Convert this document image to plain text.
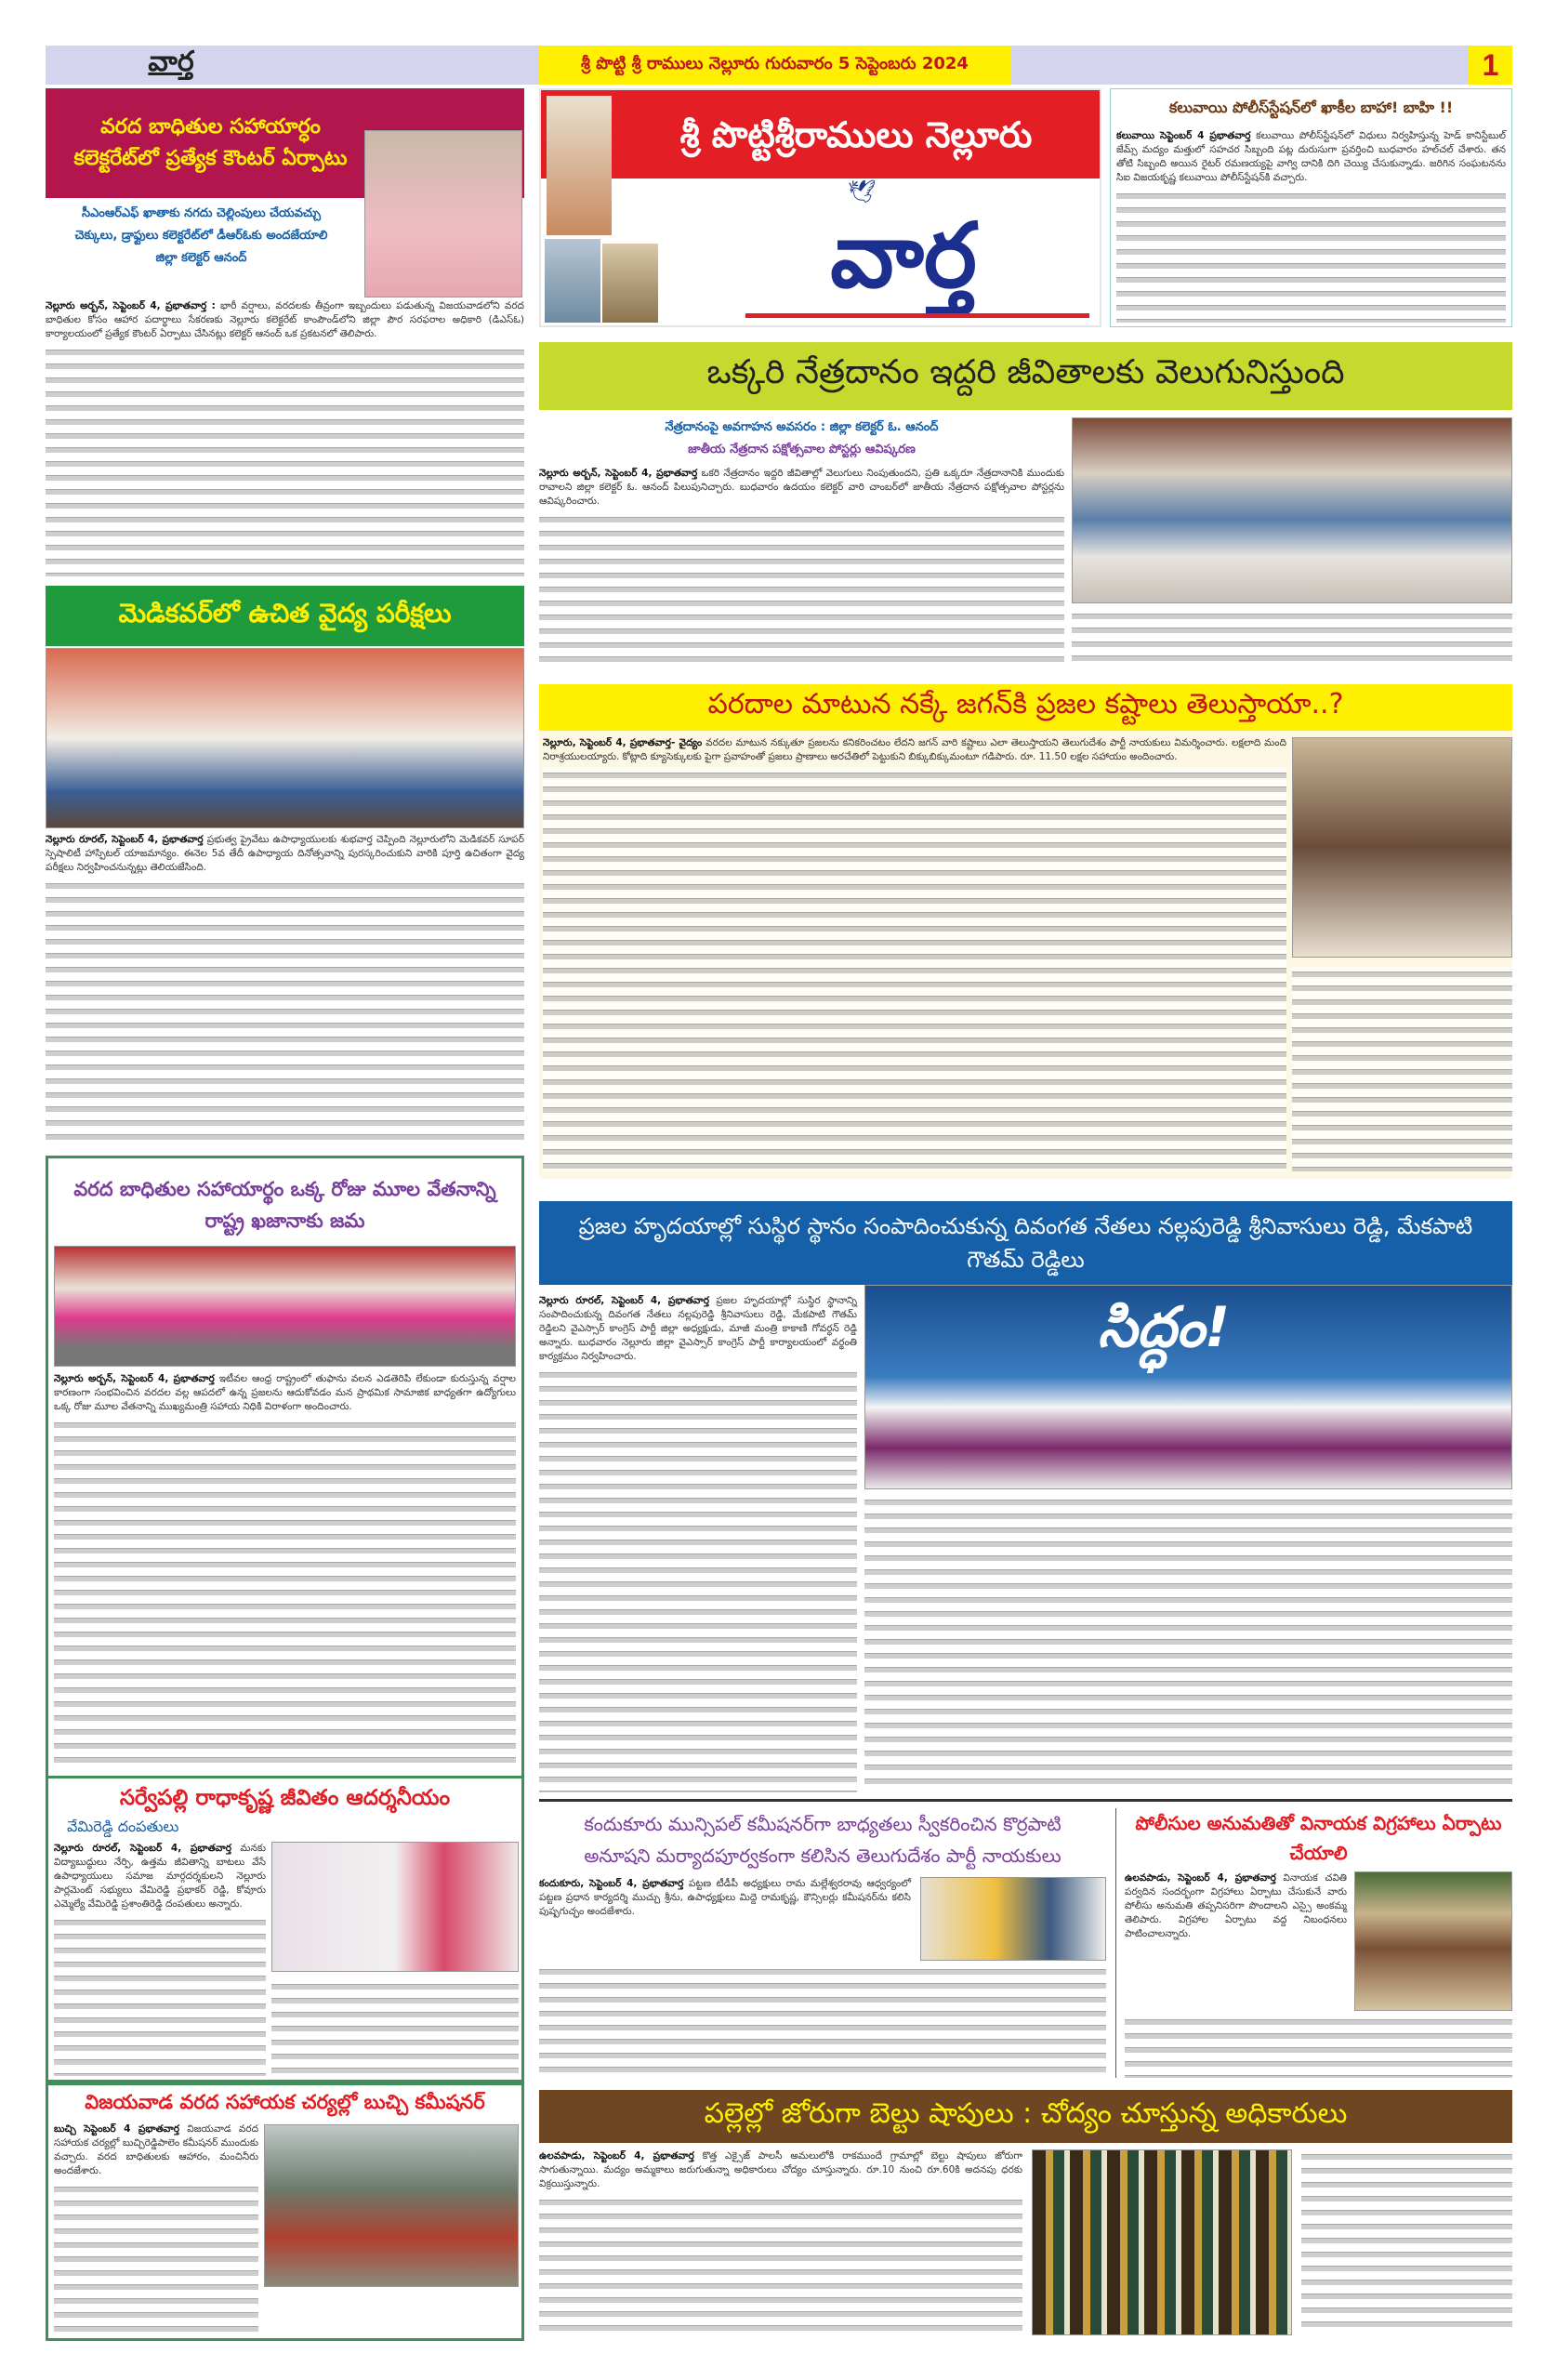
వార్త	శ్రీ పొట్టి శ్రీ రాములు నెల్లూరు గురువారం 5 సెప్టెంబరు 2024	1
వరద బాధితుల సహాయార్ధం కలెక్టరేట్‌లో ప్రత్యేక కౌంటర్ ఏర్పాటు
సీఎంఆర్ఎఫ్ ఖాతాకు నగదు చెల్లింపులు చేయవచ్చు
చెక్కులు, డ్రాఫ్టులు కలెక్టరేట్‌లో డీఆర్‌ఓకు అందజేయాలి
జిల్లా కలెక్టర్ ఆనంద్
నెల్లూరు అర్బన్, సెప్టెంబర్ 4, ప్రభాతవార్త : భారీ వర్షాలు, వరదలకు తీవ్రంగా ఇబ్బందులు పడుతున్న విజయవాడలోని వరద బాధితుల కోసం ఆహార పదార్థాలు సేకరణకు నెల్లూరు కలెక్టరేట్ కాంపౌండ్‌లోని జిల్లా పౌర సరఫరాల అధికారి (డిఎస్‌ఓ) కార్యాలయంలో ప్రత్యేక కౌంటర్ ఏర్పాటు చేసినట్లు కలెక్టర్ ఆనంద్ ఒక ప్రకటనలో తెలిపారు.
శ్రీ పొట్టిశ్రీరాములు నెల్లూరు
🕊
వార్త
కలువాయి పోలీస్‌స్టేషన్‌లో ఖాకీల బాహా! బాహి !!
కలువాయి సెప్టెంబర్ 4 ప్రభాతవార్త కలువాయి పోలీస్‌స్టేషన్‌లో విధులు నిర్వహిస్తున్న హెడ్ కానిస్టేబుల్ జేమ్స్ మద్యం మత్తులో సహచర సిబ్బంది పట్ల దురుసుగా ప్రవర్తించి బుధవారం హల్‌చల్ చేశారు. తన తోటి సిబ్బంది అయిన రైటర్ రమణయ్యపై వాగ్వి దానికి దిగి చెయ్యి చేసుకున్నాడు. జరిగిన సంఘటనను సిఐ విజయకృష్ణ కలువాయి పోలీస్‌స్టేషన్‌కి వచ్చారు.
ఒక్కరి నేత్రదానం ఇద్దరి జీవితాలకు వెలుగునిస్తుంది
నేత్రదానంపై అవగాహన అవసరం : జిల్లా కలెక్టర్ ఓ. ఆనంద్
జాతీయ నేత్రదాన పక్షోత్సవాల పోస్టర్లు ఆవిష్కరణ
నెల్లూరు అర్బన్, సెప్టెంబర్ 4, ప్రభాతవార్త ఒకరి నేత్రదానం ఇద్దరి జీవితాల్లో వెలుగులు నింపుతుందని, ప్రతి ఒక్కరూ నేత్రదానానికి ముందుకు రావాలని జిల్లా కలెక్టర్ ఓ. ఆనంద్ పిలుపునిచ్చారు. బుధవారం ఉదయం కలెక్టర్ వారి చాంబర్‌లో జాతీయ నేత్రదాన పక్షోత్సవాల పోస్టర్లను ఆవిష్కరించారు.
మెడికవర్‌లో ఉచిత వైద్య పరీక్షలు
నెల్లూరు రూరల్, సెప్టెంబర్ 4, ప్రభాతవార్త ప్రభుత్వ ప్రైవేటు ఉపాధ్యాయులకు శుభవార్త చెప్పింది నెల్లూరులోని మెడికవర్ సూపర్ స్పెషాలిటీ హాస్పిటల్ యాజమాన్యం. ఈనెల 5వ తేదీ ఉపాధ్యాయ దినోత్సవాన్ని పురస్కరించుకుని వారికి పూర్తి ఉచితంగా వైద్య పరీక్షలు నిర్వహించనున్నట్లు తెలియజేసింది.
పరదాల మాటున నక్కే జగన్‌కి ప్రజల కష్టాలు తెలుస్తాయా..?
నెల్లూరు, సెప్టెంబర్ 4, ప్రభాతవార్త- వైద్యం వరదల మాటున నక్కుతూ ప్రజలను కనికరించటం లేదని జగన్ వారి కష్టాలు ఎలా తెలుస్తాయని తెలుగుదేశం పార్టీ నాయకులు విమర్శించారు. లక్షలాది మంది నిరాశ్రయులయ్యారు. కోట్లాది క్యూసెక్కులకు పైగా ప్రవాహంతో ప్రజలు ప్రాణాలు అరచేతిలో పెట్టుకుని బిక్కుబిక్కుమంటూ గడిపారు. రూ. 11.50 లక్షల సహాయం అందించారు.
వరద బాధితుల సహాయార్థం ఒక్క రోజు మూల వేతనాన్ని రాష్ట్ర ఖజానాకు జమ
నెల్లూరు అర్బన్, సెప్టెంబర్ 4, ప్రభాతవార్త ఇటీవల ఆంధ్ర రాష్ట్రంలో తుఫాను వలన ఎడతెరిపి లేకుండా కురుస్తున్న వర్షాల కారణంగా సంభవించిన వరదల వల్ల ఆపదలో ఉన్న ప్రజలను ఆదుకోవడం మన ప్రాథమిక సామాజిక బాధ్యతగా ఉద్యోగులు ఒక్క రోజు మూల వేతనాన్ని ముఖ్యమంత్రి సహాయ నిధికి విరాళంగా అందించారు.
ప్రజల హృదయాల్లో సుస్థిర స్థానం సంపాదించుకున్న దివంగత నేతలు నల్లపురెడ్డి శ్రీనివాసులు రెడ్డి, మేకపాటి గౌతమ్ రెడ్డిలు
సిద్ధం!
నెల్లూరు రూరల్, సెప్టెంబర్ 4, ప్రభాతవార్త ప్రజల హృదయాల్లో సుస్థిర స్థానాన్ని సంపాదించుకున్న దివంగత నేతలు నల్లపురెడ్డి శ్రీనివాసులు రెడ్డి, మేకపాటి గౌతమ్ రెడ్డిలని వైఎస్సార్ కాంగ్రెస్ పార్టీ జిల్లా అధ్యక్షుడు, మాజీ మంత్రి కాకాణి గోవర్ధన్ రెడ్డి అన్నారు. బుధవారం నెల్లూరు జిల్లా వైఎస్సార్ కాంగ్రెస్ పార్టీ కార్యాలయంలో వర్థంతి కార్యక్రమం నిర్వహించారు.
సర్వేపల్లి రాధాకృష్ణ జీవితం ఆదర్శనీయం
వేమిరెడ్డి దంపతులు
నెల్లూరు రూరల్, సెప్టెంబర్ 4, ప్రభాతవార్త మనకు విద్యాబుద్ధులు నేర్పి, ఉత్తమ జీవితాన్ని బాటలు వేసే ఉపాధ్యాయులు సమాజ మార్గదర్శకులని నెల్లూరు పార్లమెంట్ సభ్యులు వేమిరెడ్డి ప్రభాకర్ రెడ్డి, కోవూరు ఎమ్మెల్యే వేమిరెడ్డి ప్రశాంతిరెడ్డి దంపతులు అన్నారు.
కందుకూరు మున్సిపల్ కమీషనర్‌గా బాధ్యతలు స్వీకరించిన కొర్రపాటి అనూషని మర్యాదపూర్వకంగా కలిసిన తెలుగుదేశం పార్టీ నాయకులు
కందుకూరు, సెప్టెంబర్ 4, ప్రభాతవార్త పట్టణ టీడీపీ అధ్యక్షులు రామ మల్లేశ్వరరావు ఆధ్వర్యంలో పట్టణ ప్రధాన కార్యదర్శి ముచ్చు శ్రీను, ఉపాధ్యక్షులు మిద్దె రామకృష్ణ, కౌన్సిలర్లు కమీషనర్‌ను కలిసి పుష్పగుచ్ఛం అందజేశారు.
పోలీసుల అనుమతితో వినాయక విగ్రహాలు ఏర్పాటు చేయాలి
ఉలవపాడు, సెప్టెంబర్ 4, ప్రభాతవార్త వినాయక చవితి పర్వదిన సందర్భంగా విగ్రహాలు ఏర్పాటు చేసుకునే వారు పోలీసు అనుమతి తప్పనిసరిగా పొందాలని ఎస్సై అంకమ్మ తెలిపారు. విగ్రహాల ఏర్పాటు వద్ద నిబంధనలు పాటించాలన్నారు.
విజయవాడ వరద సహాయక చర్యల్లో బుచ్చి కమీషనర్
బుచ్చి సెప్టెంబర్ 4 ప్రభాతవార్త విజయవాడ వరద సహాయక చర్యల్లో బుచ్చిరెడ్డిపాలెం కమీషనర్ ముందుకు వచ్చారు. వరద బాధితులకు ఆహారం, మంచినీరు అందజేశారు.
పల్లెల్లో జోరుగా బెల్టు షాపులు : చోద్యం చూస్తున్న అధికారులు
ఉలవపాడు, సెప్టెంబర్ 4, ప్రభాతవార్త కొత్త ఎక్సైజ్ పాలసీ అమలులోకి రాకముందే గ్రామాల్లో బెల్టు షాపులు జోరుగా సాగుతున్నాయి. మద్యం అమ్మకాలు జరుగుతున్నా అధికారులు చోద్యం చూస్తున్నారు. రూ.10 నుంచి రూ.60కి అదనపు ధరకు విక్రయిస్తున్నారు.
